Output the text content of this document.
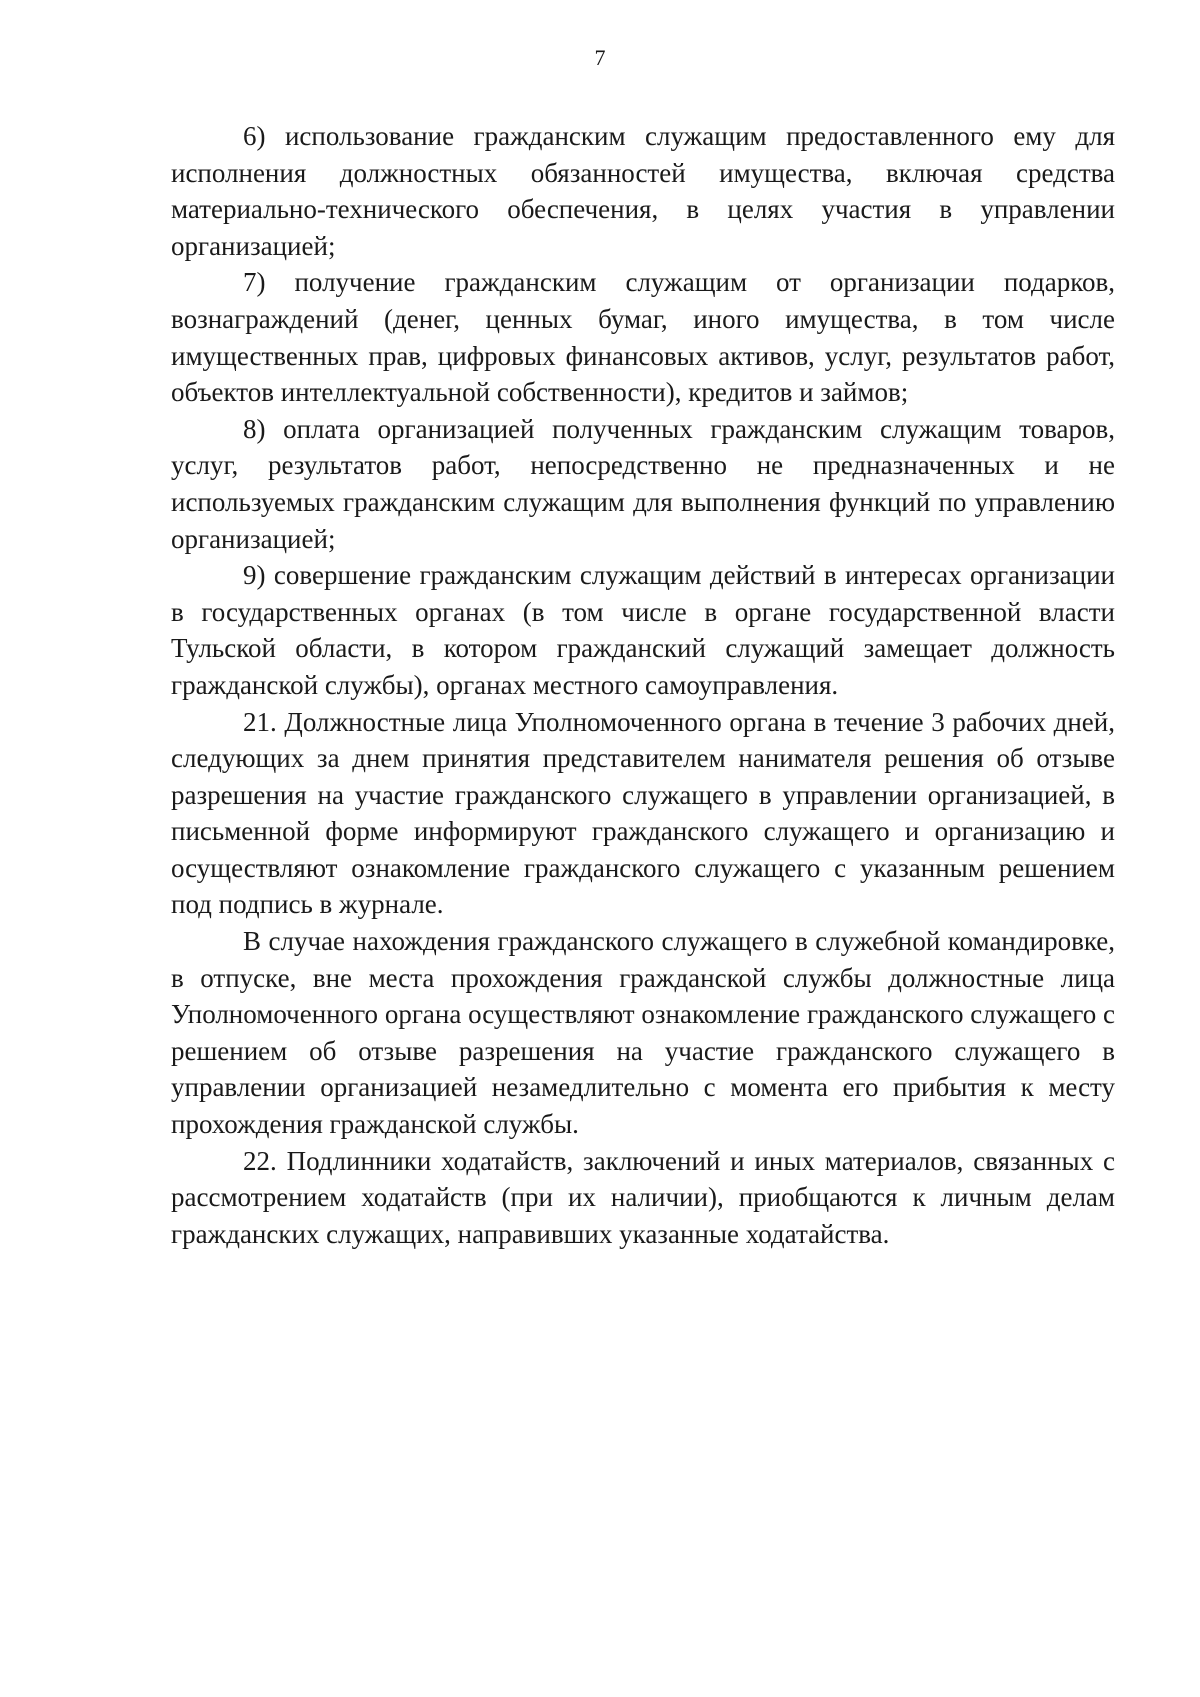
7

6) использование гражданским служащим предоставленного ему для исполнения должностных обязанностей имущества, включая средства материально-технического обеспечения, в целях участия в управлении организацией;

7) получение гражданским служащим от организации подарков, вознаграждений (денег, ценных бумаг, иного имущества, в том числе имущественных прав, цифровых финансовых активов, услуг, результатов работ, объектов интеллектуальной собственности), кредитов и займов;

8) оплата организацией полученных гражданским служащим товаров, услуг, результатов работ, непосредственно не предназначенных и не используемых гражданским служащим для выполнения функций по управлению организацией;

9) совершение гражданским служащим действий в интересах организации в государственных органах (в том числе в органе государственной власти Тульской области, в котором гражданский служащий замещает должность гражданской службы), органах местного самоуправления.

21. Должностные лица Уполномоченного органа в течение 3 рабочих дней, следующих за днем принятия представителем нанимателя решения об отзыве разрешения на участие гражданского служащего в управлении организацией, в письменной форме информируют гражданского служащего и организацию и осуществляют ознакомление гражданского служащего с указанным решением под подпись в журнале.

В случае нахождения гражданского служащего в служебной командировке, в отпуске, вне места прохождения гражданской службы должностные лица Уполномоченного органа осуществляют ознакомление гражданского служащего с решением об отзыве разрешения на участие гражданского служащего в управлении организацией незамедлительно с момента его прибытия к месту прохождения гражданской службы.

22. Подлинники ходатайств, заключений и иных материалов, связанных с рассмотрением ходатайств (при их наличии), приобщаются к личным делам гражданских служащих, направивших указанные ходатайства.
